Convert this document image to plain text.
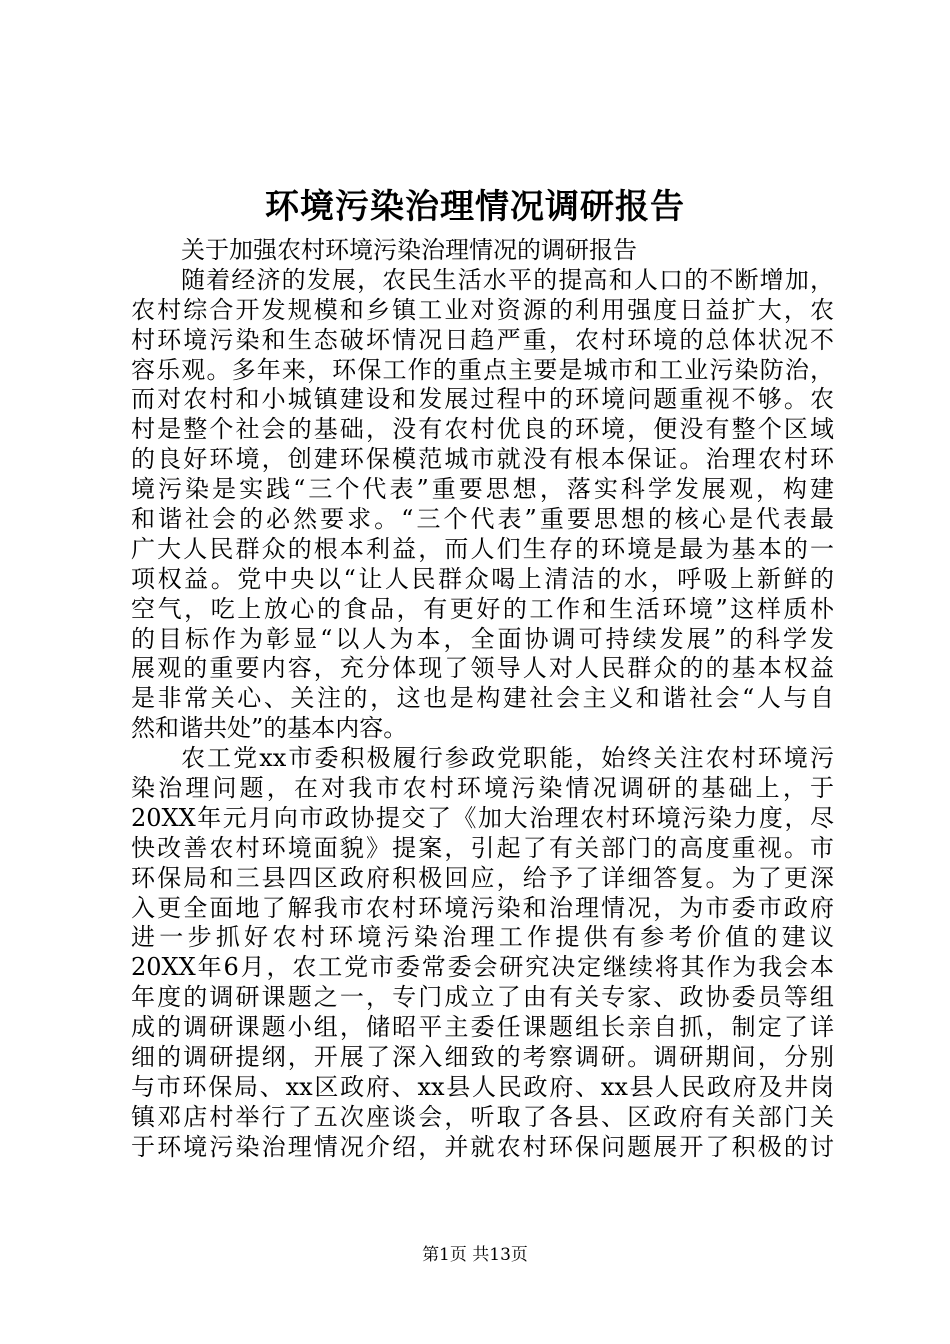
环境污染治理情况调研报告
关于加强农村环境污染治理情况的调研报告
随着经济的发展，农民生活水平的提高和人口的不断增加，
农村综合开发规模和乡镇工业对资源的利用强度日益扩大，农
村环境污染和生态破坏情况日趋严重，农村环境的总体状况不
容乐观。多年来，环保工作的重点主要是城市和工业污染防治，
而对农村和小城镇建设和发展过程中的环境问题重视不够。农
村是整个社会的基础，没有农村优良的环境，便没有整个区域
的良好环境，创建环保模范城市就没有根本保证。治理农村环
境污染是实践“三个代表”重要思想，落实科学发展观，构建
和谐社会的必然要求。“三个代表”重要思想的核心是代表最
广大人民群众的根本利益，而人们生存的环境是最为基本的一
项权益。党中央以“让人民群众喝上清洁的水，呼吸上新鲜的
空气，吃上放心的食品，有更好的工作和生活环境”这样质朴
的目标作为彰显“以人为本，全面协调可持续发展”的科学发
展观的重要内容，充分体现了领导人对人民群众的的基本权益
是非常关心、关注的，这也是构建社会主义和谐社会“人与自
然和谐共处”的基本内容。
农工党xx市委积极履行参政党职能，始终关注农村环境污
染治理问题，在对我市农村环境污染情况调研的基础上，于
20XX年元月向市政协提交了《加大治理农村环境污染力度，尽
快改善农村环境面貌》提案，引起了有关部门的高度重视。市
环保局和三县四区政府积极回应，给予了详细答复。为了更深
入更全面地了解我市农村环境污染和治理情况，为市委市政府
进一步抓好农村环境污染治理工作提供有参考价值的建议
20XX年6月，农工党市委常委会研究决定继续将其作为我会本
年度的调研课题之一，专门成立了由有关专家、政协委员等组
成的调研课题小组，储昭平主委任课题组长亲自抓，制定了详
细的调研提纲，开展了深入细致的考察调研。调研期间，分别
与市环保局、xx区政府、xx县人民政府、xx县人民政府及井岗
镇邓店村举行了五次座谈会，听取了各县、区政府有关部门关
于环境污染治理情况介绍，并就农村环保问题展开了积极的讨
第1页 共13页
